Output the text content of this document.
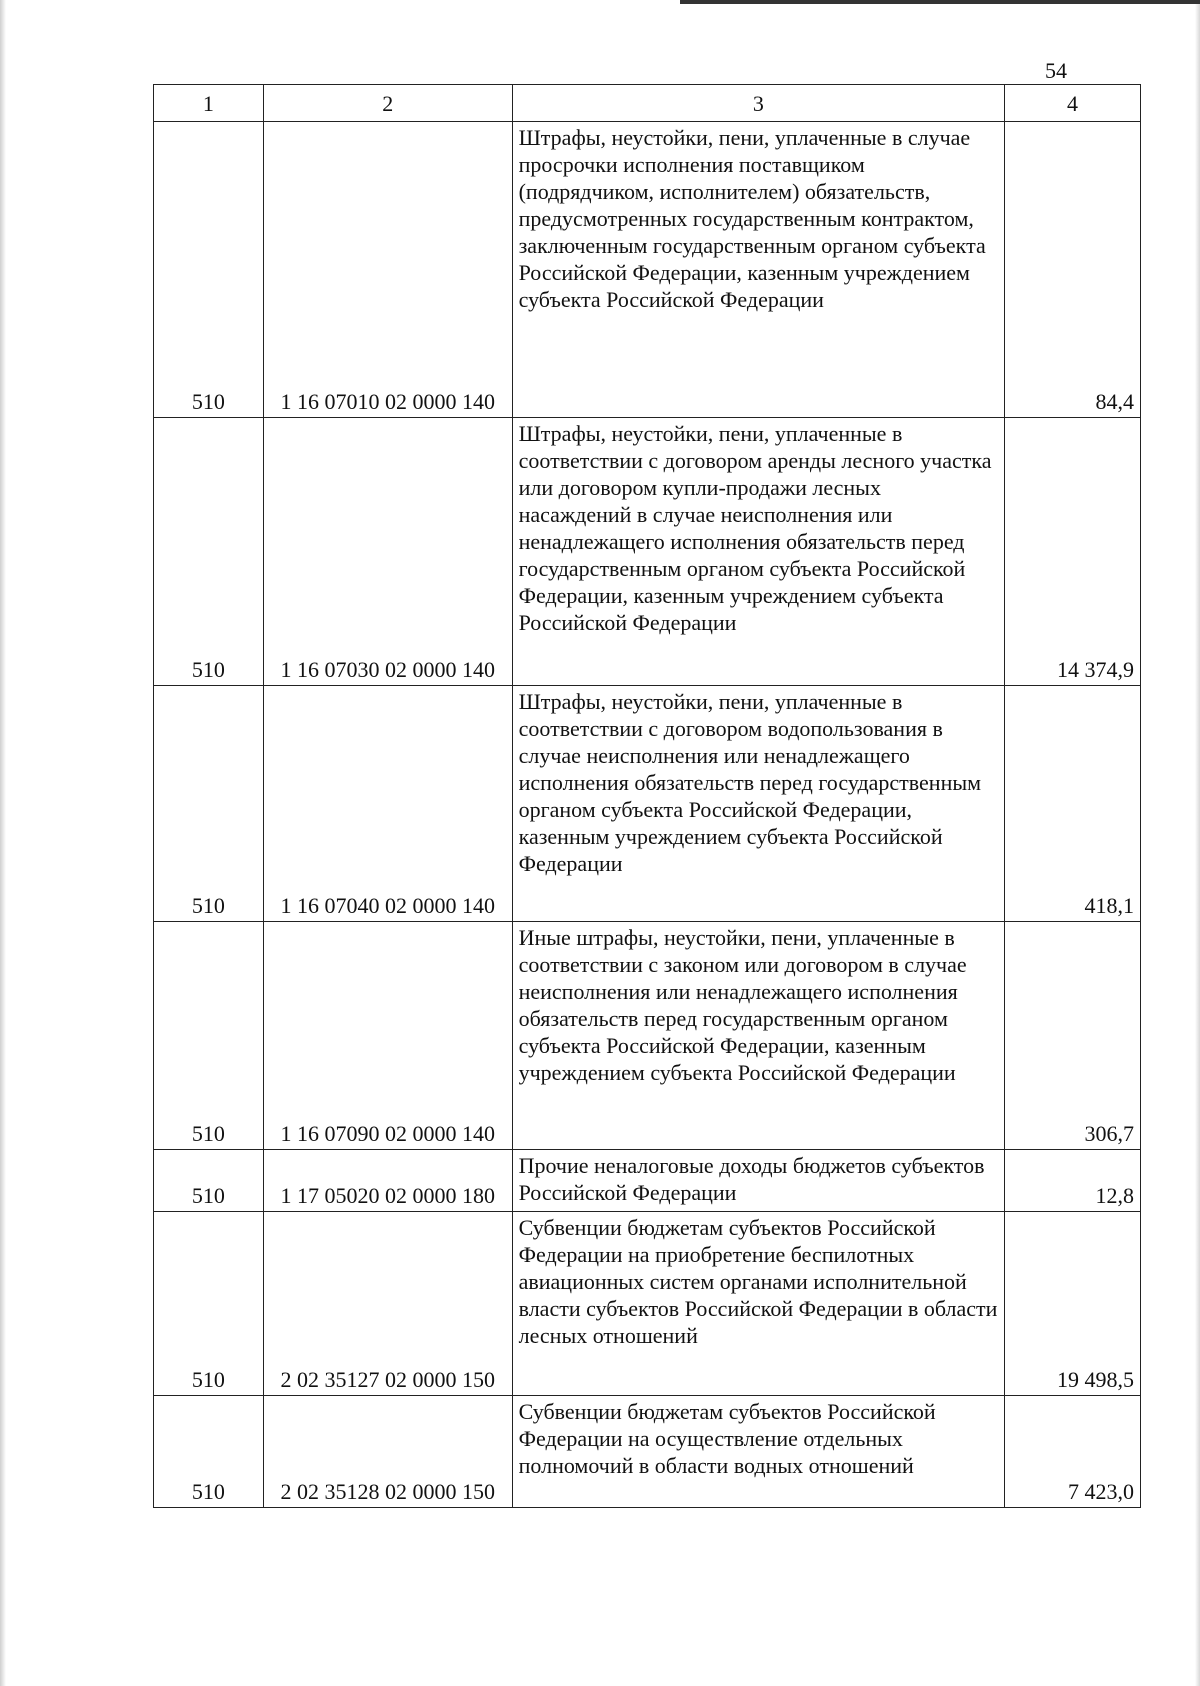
54
1	2	3	4
510	1 16 07010 02 0000 140	Штрафы, неустойки, пени, уплаченные в случае просрочки исполнения поставщиком (подрядчиком, исполнителем) обязательств, предусмотренных государственным контрактом, заключенным государственным органом субъекта Российской Федерации, казенным учреждением субъекта Российской Федерации	84,4
510	1 16 07030 02 0000 140	Штрафы, неустойки, пени, уплаченные в соответствии с договором аренды лесного участка или договором купли-продажи лесных насаждений в случае неисполнения или ненадлежащего исполнения обязательств перед государственным органом субъекта Российской Федерации, казенным учреждением субъекта Российской Федерации	14 374,9
510	1 16 07040 02 0000 140	Штрафы, неустойки, пени, уплаченные в соответствии с договором водопользования в случае неисполнения или ненадлежащего исполнения обязательств перед государственным органом субъекта Российской Федерации, казенным учреждением субъекта Российской Федерации	418,1
510	1 16 07090 02 0000 140	Иные штрафы, неустойки, пени, уплаченные в соответствии с законом или договором в случае неисполнения или ненадлежащего исполнения обязательств перед государственным органом субъекта Российской Федерации, казенным учреждением субъекта Российской Федерации	306,7
510	1 17 05020 02 0000 180	Прочие неналоговые доходы бюджетов субъектов Российской Федерации	12,8
510	2 02 35127 02 0000 150	Субвенции бюджетам субъектов Российской Федерации на приобретение беспилотных авиационных систем органами исполнительной власти субъектов Российской Федерации в области лесных отношений	19 498,5
510	2 02 35128 02 0000 150	Субвенции бюджетам субъектов Российской Федерации на осуществление отдельных полномочий в области водных отношений	7 423,0
